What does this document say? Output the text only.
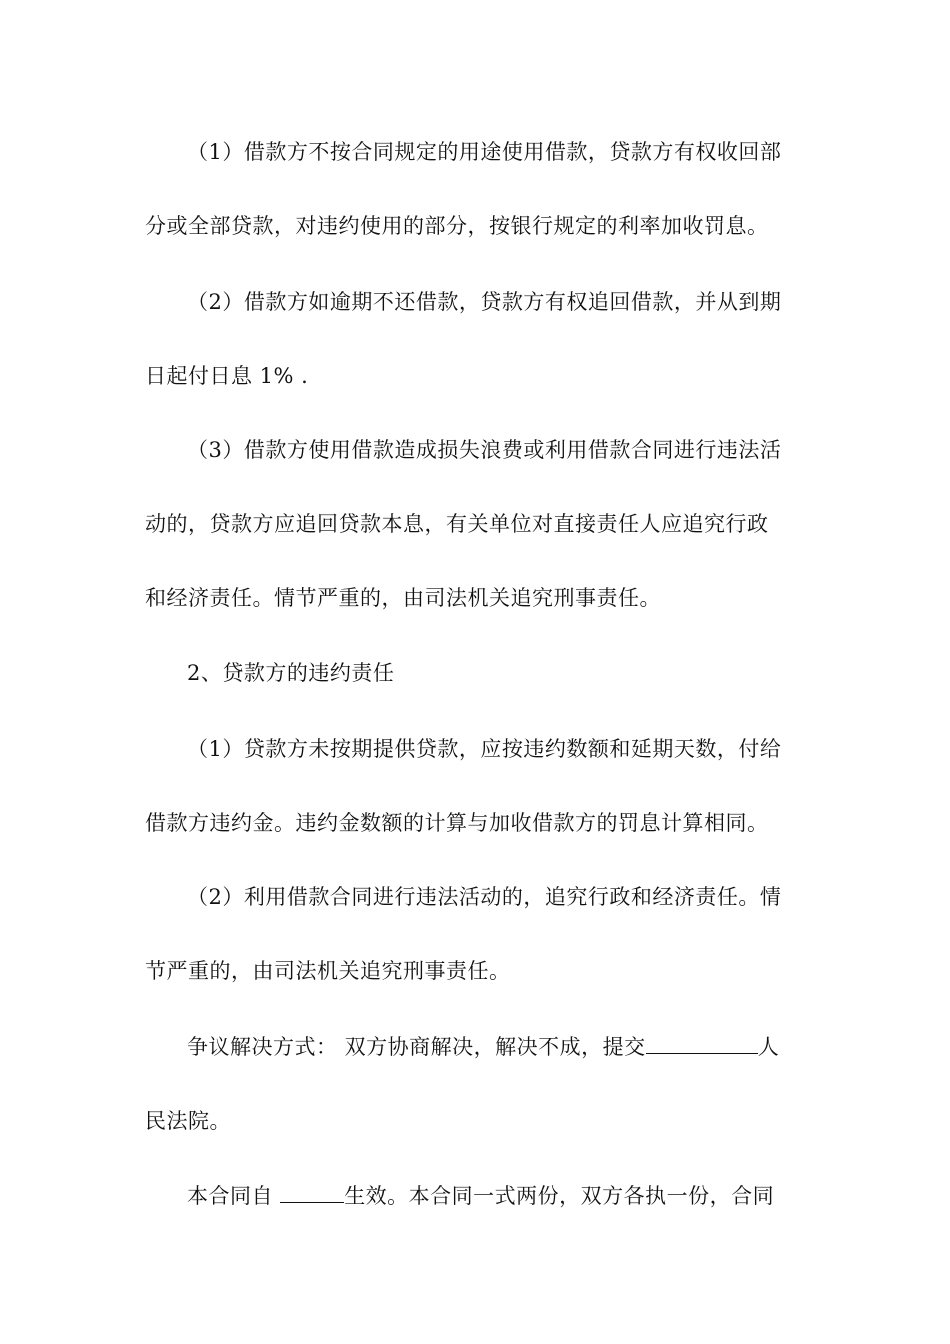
（1）借款方不按合同规定的用途使用借款，贷款方有权收回部
分或全部贷款，对违约使用的部分，按银行规定的利率加收罚息。

（2）借款方如逾期不还借款，贷款方有权追回借款，并从到期
日起付日息 1% .

（3）借款方使用借款造成损失浪费或利用借款合同进行违法活
动的，贷款方应追回贷款本息，有关单位对直接责任人应追究行政
和经济责任。情节严重的，由司法机关追究刑事责任。

2、贷款方的违约责任

（1）贷款方未按期提供贷款，应按违约数额和延期天数，付给
借款方违约金。违约金数额的计算与加收借款方的罚息计算相同。

（2）利用借款合同进行违法活动的，追究行政和经济责任。情
节严重的，由司法机关追究刑事责任。

争议解决方式： 双方协商解决，解决不成，提交	人
民法院。

本合同自	生效。本合同一式两份，双方各执一份，合同
